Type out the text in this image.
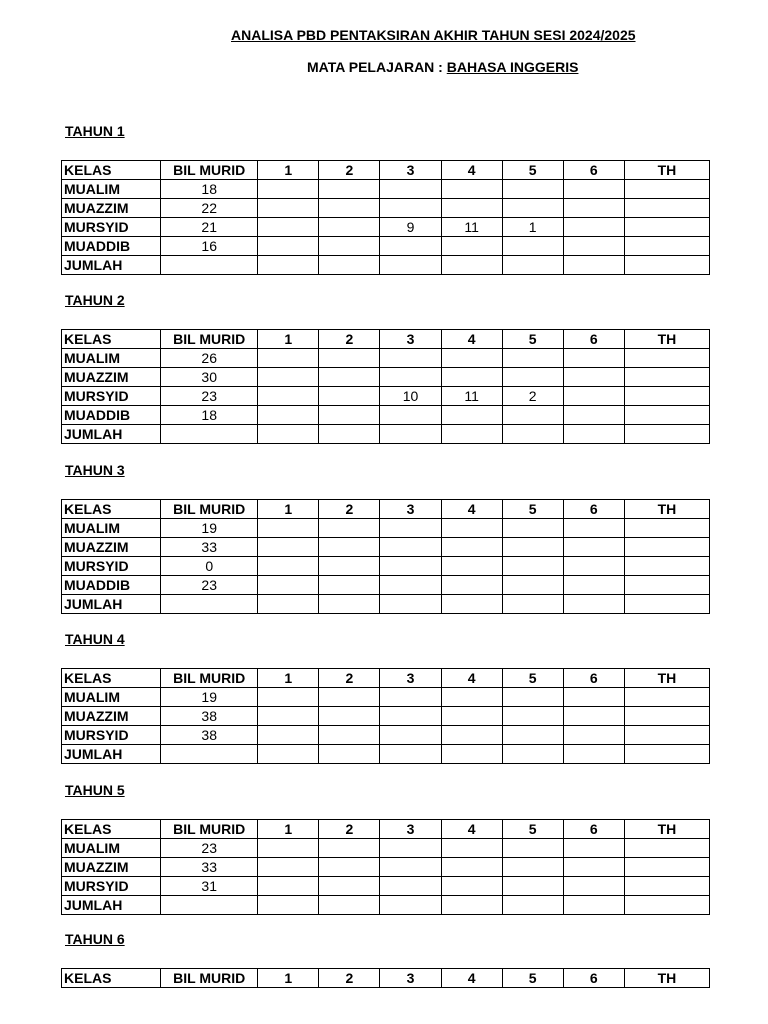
ANALISA PBD PENTAKSIRAN AKHIR TAHUN SESI 2024/2025
MATA PELAJARAN : BAHASA INGGERIS
TAHUN 1
KELAS	BIL MURID	1	2	3	4	5	6	TH
MUALIM	18							
MUAZZIM	22							
MURSYID	21			9	11	1		
MUADDIB	16							
JUMLAH								
TAHUN 2
KELAS	BIL MURID	1	2	3	4	5	6	TH
MUALIM	26							
MUAZZIM	30							
MURSYID	23			10	11	2		
MUADDIB	18							
JUMLAH								
TAHUN 3
KELAS	BIL MURID	1	2	3	4	5	6	TH
MUALIM	19							
MUAZZIM	33							
MURSYID	0							
MUADDIB	23							
JUMLAH								
TAHUN 4
KELAS	BIL MURID	1	2	3	4	5	6	TH
MUALIM	19							
MUAZZIM	38							
MURSYID	38							
JUMLAH								
TAHUN 5
KELAS	BIL MURID	1	2	3	4	5	6	TH
MUALIM	23							
MUAZZIM	33							
MURSYID	31							
JUMLAH								
TAHUN 6
KELAS	BIL MURID	1	2	3	4	5	6	TH
